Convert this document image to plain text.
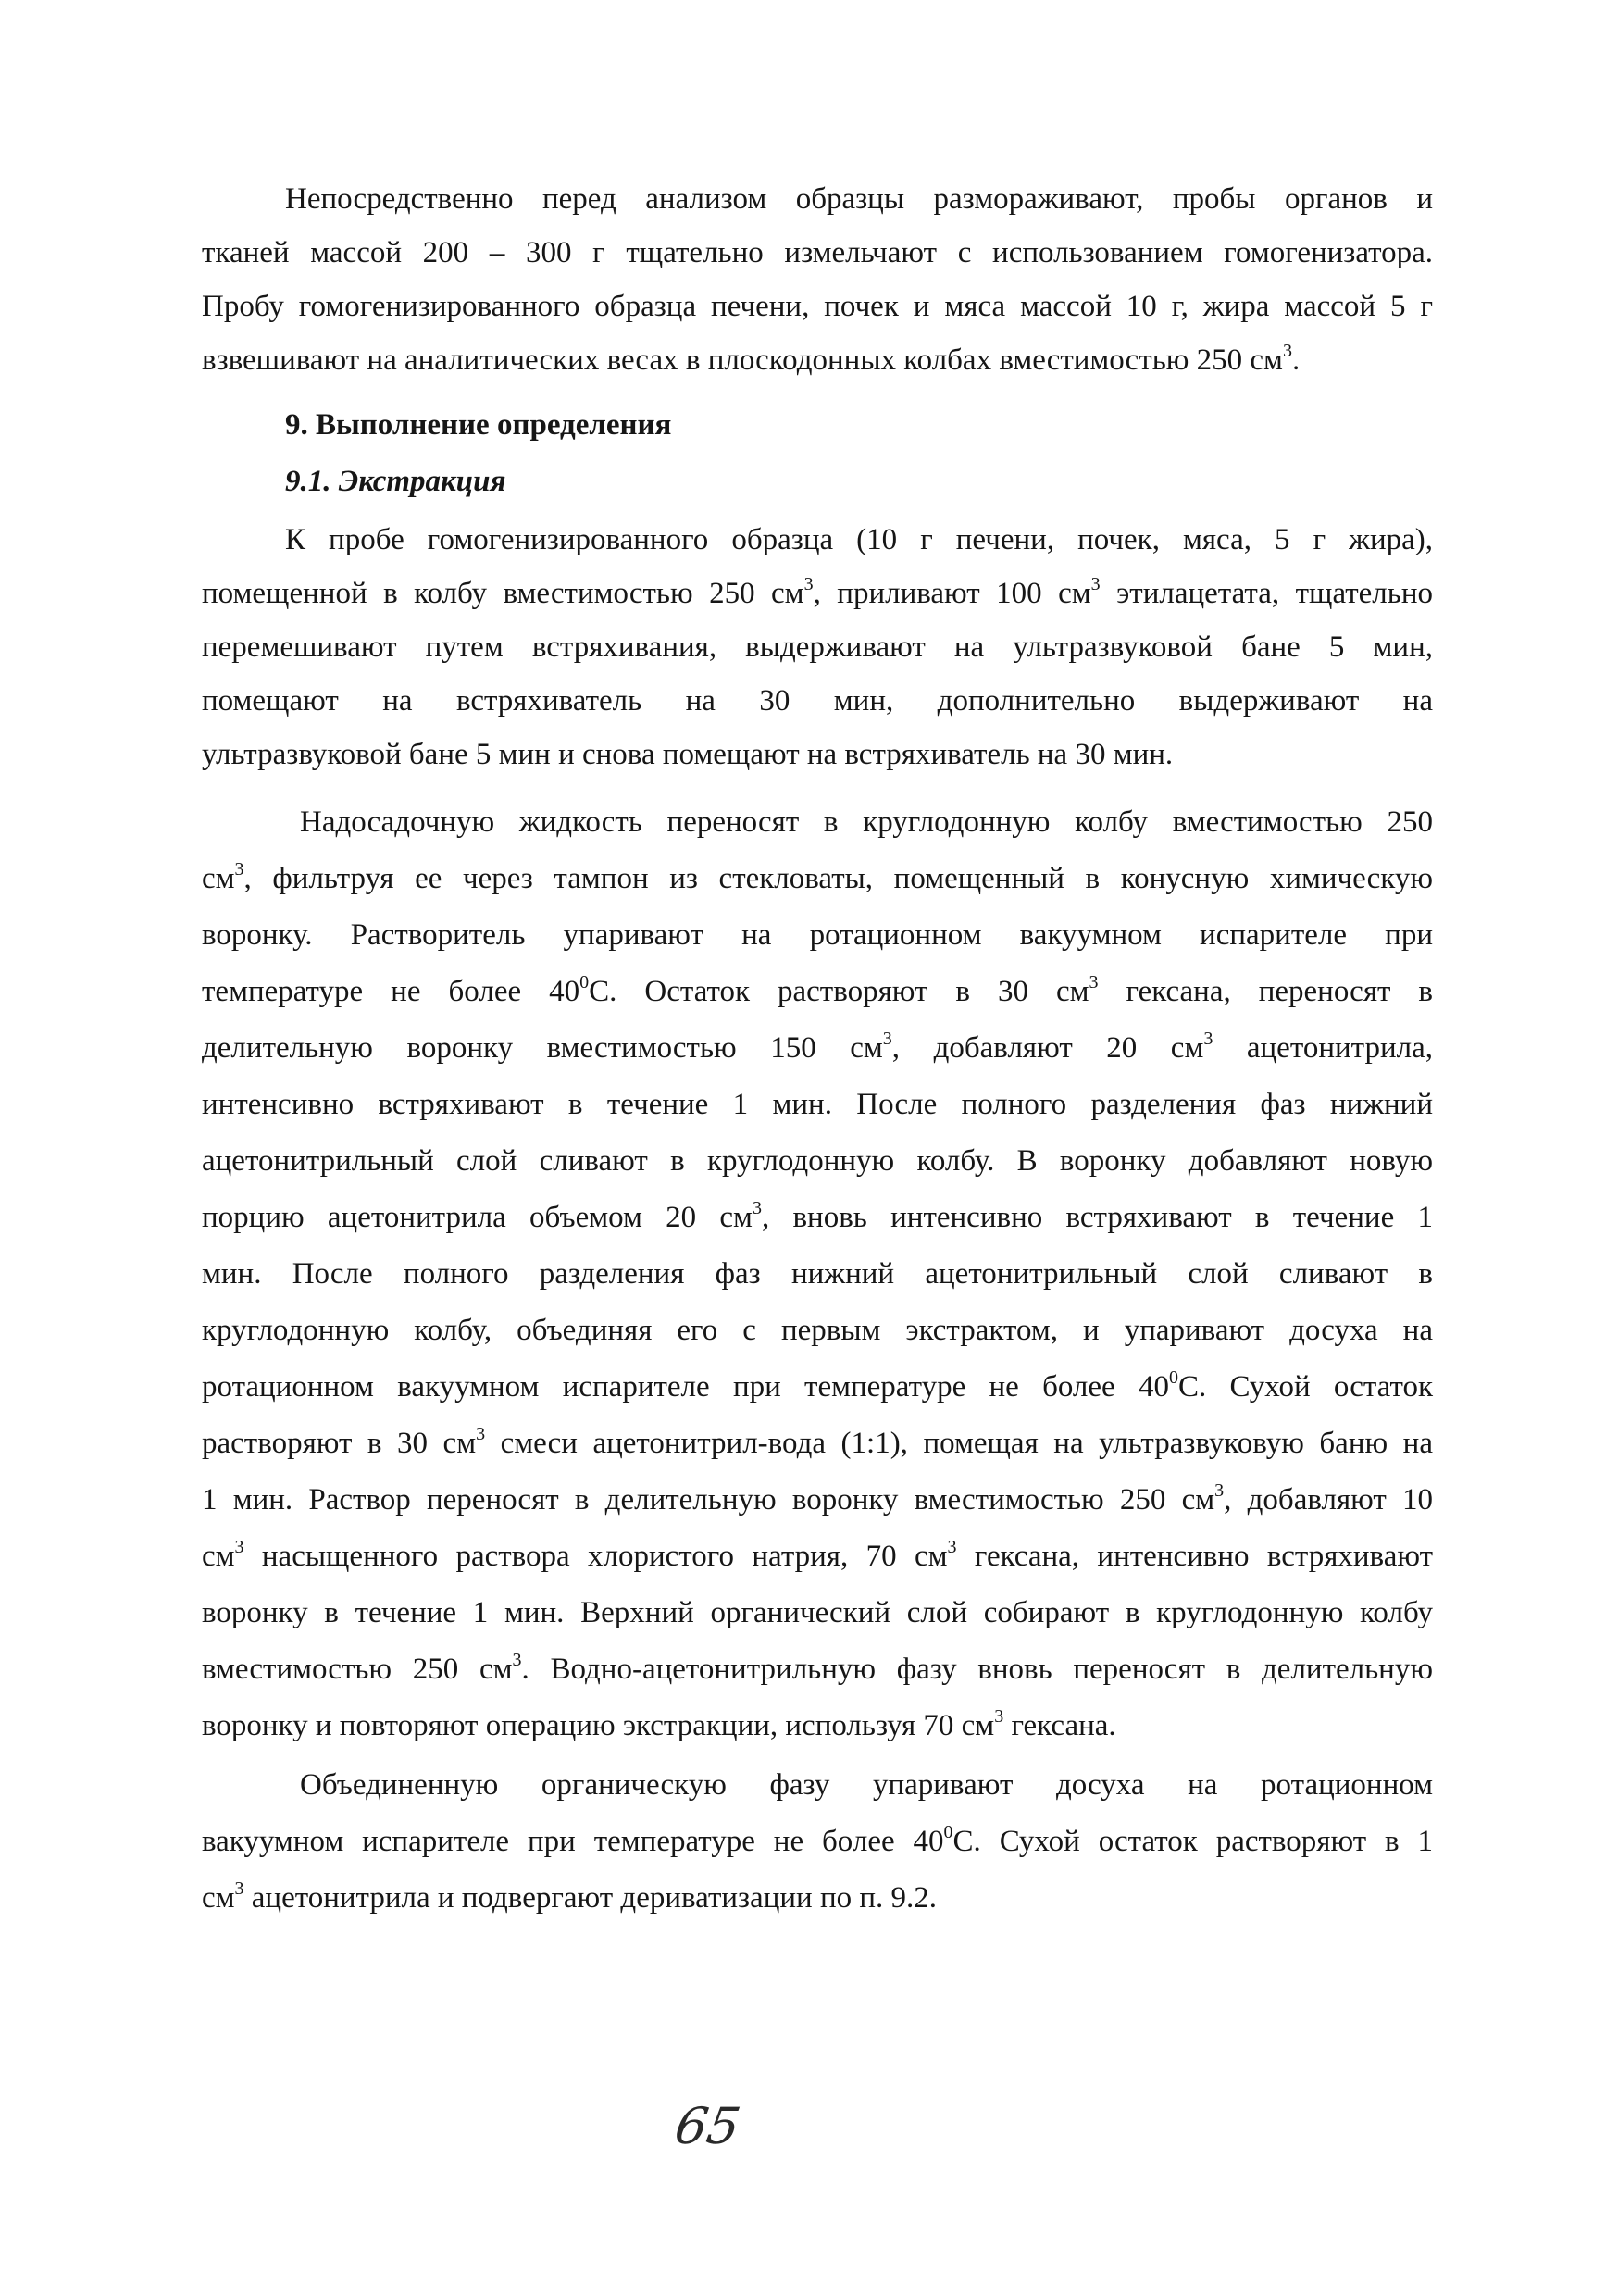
Непосредственно перед анализом образцы размораживают, пробы органов и
тканей массой 200 – 300 г тщательно измельчают с использованием гомогенизатора.
Пробу гомогенизированного образца печени, почек и мяса массой 10 г, жира массой 5 г
взвешивают на аналитических весах в плоскодонных колбах вместимостью 250 $см^3$.
9. Выполнение определения
9.1. Экстракция
К пробе гомогенизированного образца (10 г печени, почек, мяса, 5 г жира),
помещенной в колбу вместимостью 250 $см^3$, приливают 100 $см^3$ этилацетата, тщательно
перемешивают путем встряхивания, выдерживают на ультразвуковой бане 5 мин,
помещают на встряхиватель на 30 мин, дополнительно выдерживают на
ультразвуковой бане 5 мин и снова помещают на встряхиватель на 30 мин.
Надосадочную жидкость переносят в круглодонную колбу вместимостью 250
$см^3$, фильтруя ее через тампон из стекловаты, помещенный в конусную химическую
воронку. Растворитель упаривают на ротационном вакуумном испарителе при
температуре не более $40^0С$. Остаток растворяют в 30 $см^3$ гексана, переносят в
делительную воронку вместимостью 150 $см^3$, добавляют 20 $см^3$ ацетонитрила,
интенсивно встряхивают в течение 1 мин. После полного разделения фаз нижний
ацетонитрильный слой сливают в круглодонную колбу. В воронку добавляют новую
порцию ацетонитрила объемом 20 $см^3$, вновь интенсивно встряхивают в течение 1
мин. После полного разделения фаз нижний ацетонитрильный слой сливают в
круглодонную колбу, объединяя его с первым экстрактом, и упаривают досуха на
ротационном вакуумном испарителе при температуре не более $40^0С$. Сухой остаток
растворяют в 30 $см^3$ смеси ацетонитрил-вода (1:1), помещая на ультразвуковую баню на
1 мин. Раствор переносят в делительную воронку вместимостью 250 $см^3$, добавляют 10
$см^3$ насыщенного раствора хлористого натрия, 70 $см^3$ гексана, интенсивно встряхивают
воронку в течение 1 мин. Верхний органический слой собирают в круглодонную колбу
вместимостью 250 $см^3$. Водно-ацетонитрильную фазу вновь переносят в делительную
воронку и повторяют операцию экстракции, используя 70 $см^3$ гексана.
Объединенную органическую фазу упаривают досуха на ротационном
вакуумном испарителе при температуре не более $40^0С$. Сухой остаток растворяют в 1
$см^3$ ацетонитрила и подвергают дериватизации по п. 9.2.
65
